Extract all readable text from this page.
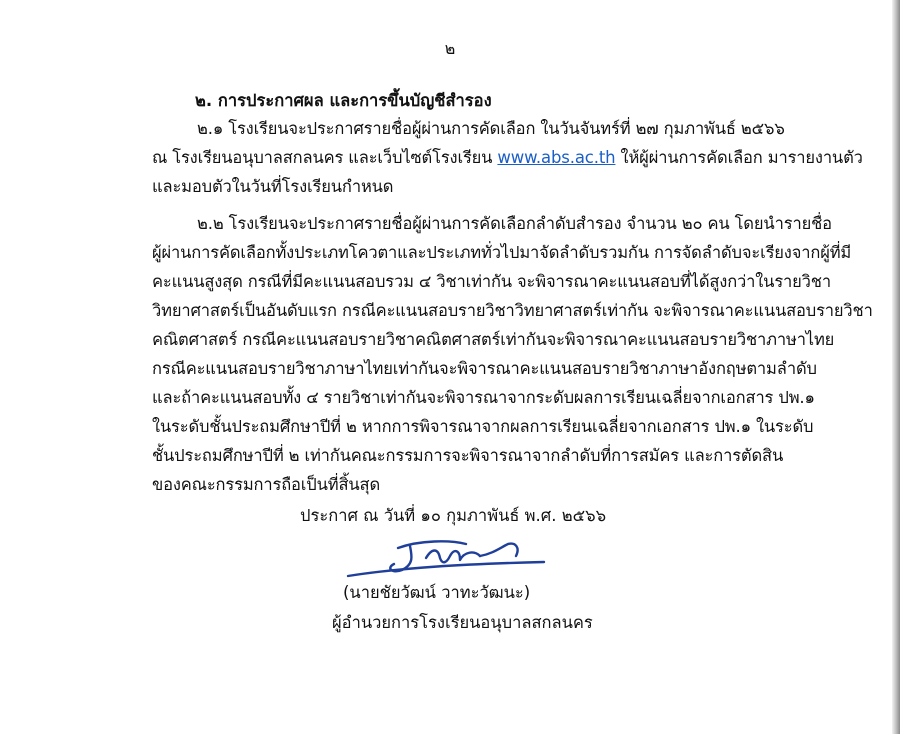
๒
๒. การประกาศผล และการขึ้นบัญชีสำรอง
๒.๑ โรงเรียนจะประกาศรายชื่อผู้ผ่านการคัดเลือก ในวันจันทร์ที่ ๒๗ กุมภาพันธ์ ๒๕๖๖
ณ โรงเรียนอนุบาลสกลนคร และเว็บไซต์โรงเรียน www.abs.ac.th ให้ผู้ผ่านการคัดเลือก มารายงานตัว
และมอบตัวในวันที่โรงเรียนกำหนด
๒.๒ โรงเรียนจะประกาศรายชื่อผู้ผ่านการคัดเลือกลำดับสำรอง จำนวน ๒๐ คน โดยนำรายชื่อ
ผู้ผ่านการคัดเลือกทั้งประเภทโควตาและประเภททั่วไปมาจัดลำดับรวมกัน การจัดลำดับจะเรียงจากผู้ที่มี
คะแนนสูงสุด กรณีที่มีคะแนนสอบรวม ๔ วิชาเท่ากัน จะพิจารณาคะแนนสอบที่ได้สูงกว่าในรายวิชา
วิทยาศาสตร์เป็นอันดับแรก กรณีคะแนนสอบรายวิชาวิทยาศาสตร์เท่ากัน จะพิจารณาคะแนนสอบรายวิชา
คณิตศาสตร์ กรณีคะแนนสอบรายวิชาคณิตศาสตร์เท่ากันจะพิจารณาคะแนนสอบรายวิชาภาษาไทย
กรณีคะแนนสอบรายวิชาภาษาไทยเท่ากันจะพิจารณาคะแนนสอบรายวิชาภาษาอังกฤษตามลำดับ
และถ้าคะแนนสอบทั้ง ๔ รายวิชาเท่ากันจะพิจารณาจากระดับผลการเรียนเฉลี่ยจากเอกสาร ปพ.๑
ในระดับชั้นประถมศึกษาปีที่ ๒ หากการพิจารณาจากผลการเรียนเฉลี่ยจากเอกสาร ปพ.๑ ในระดับ
ชั้นประถมศึกษาปีที่ ๒ เท่ากันคณะกรรมการจะพิจารณาจากลำดับที่การสมัคร และการตัดสิน
ของคณะกรรมการถือเป็นที่สิ้นสุด
ประกาศ ณ วันที่ ๑๐ กุมภาพันธ์ พ.ศ. ๒๕๖๖
(นายชัยวัฒน์ วาทะวัฒนะ)
ผู้อำนวยการโรงเรียนอนุบาลสกลนคร
